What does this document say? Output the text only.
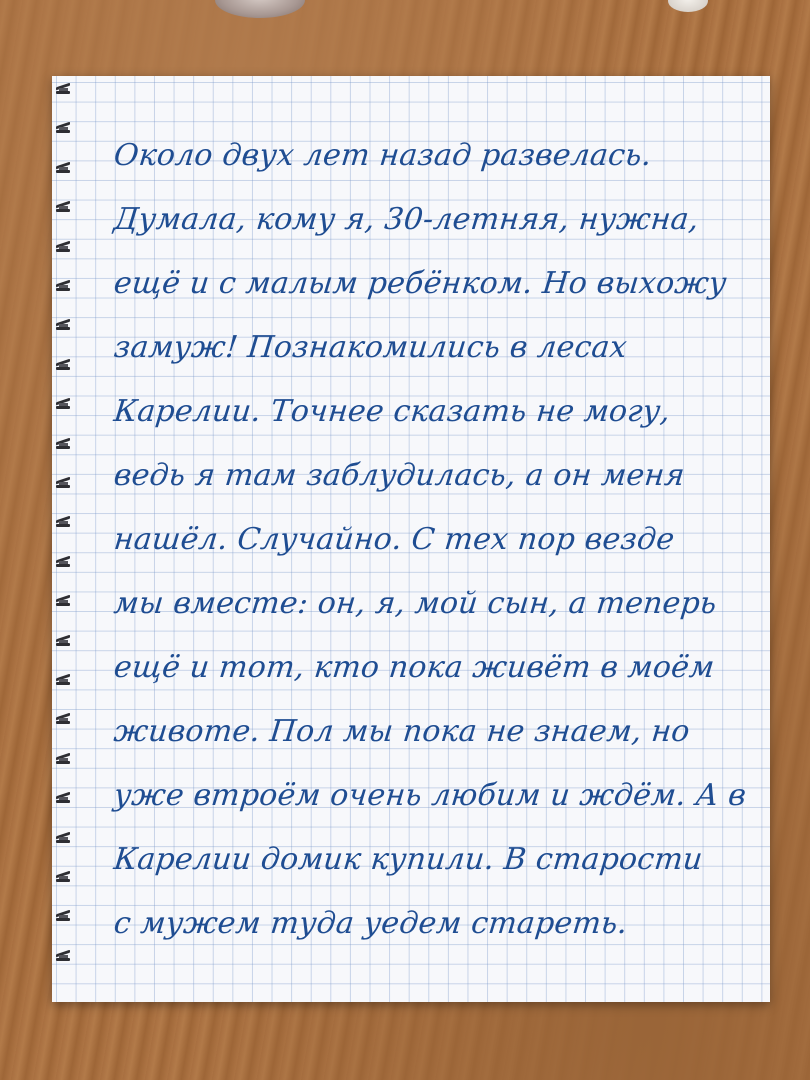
Около двух лет назад развелась.
Думала, кому я, 30-летняя, нужна,
ещё и с малым ребёнком. Но выхожу
замуж! Познакомились в лесах
Карелии. Точнее сказать не могу,
ведь я там заблудилась, а он меня
нашёл. Случайно. С тех пор везде
мы вместе: он, я, мой сын, а теперь
ещё и тот, кто пока живёт в моём
животе. Пол мы пока не знаем, но
уже втроём очень любим и ждём. А в
Карелии домик купили. В старости
с мужем туда уедем стареть.
